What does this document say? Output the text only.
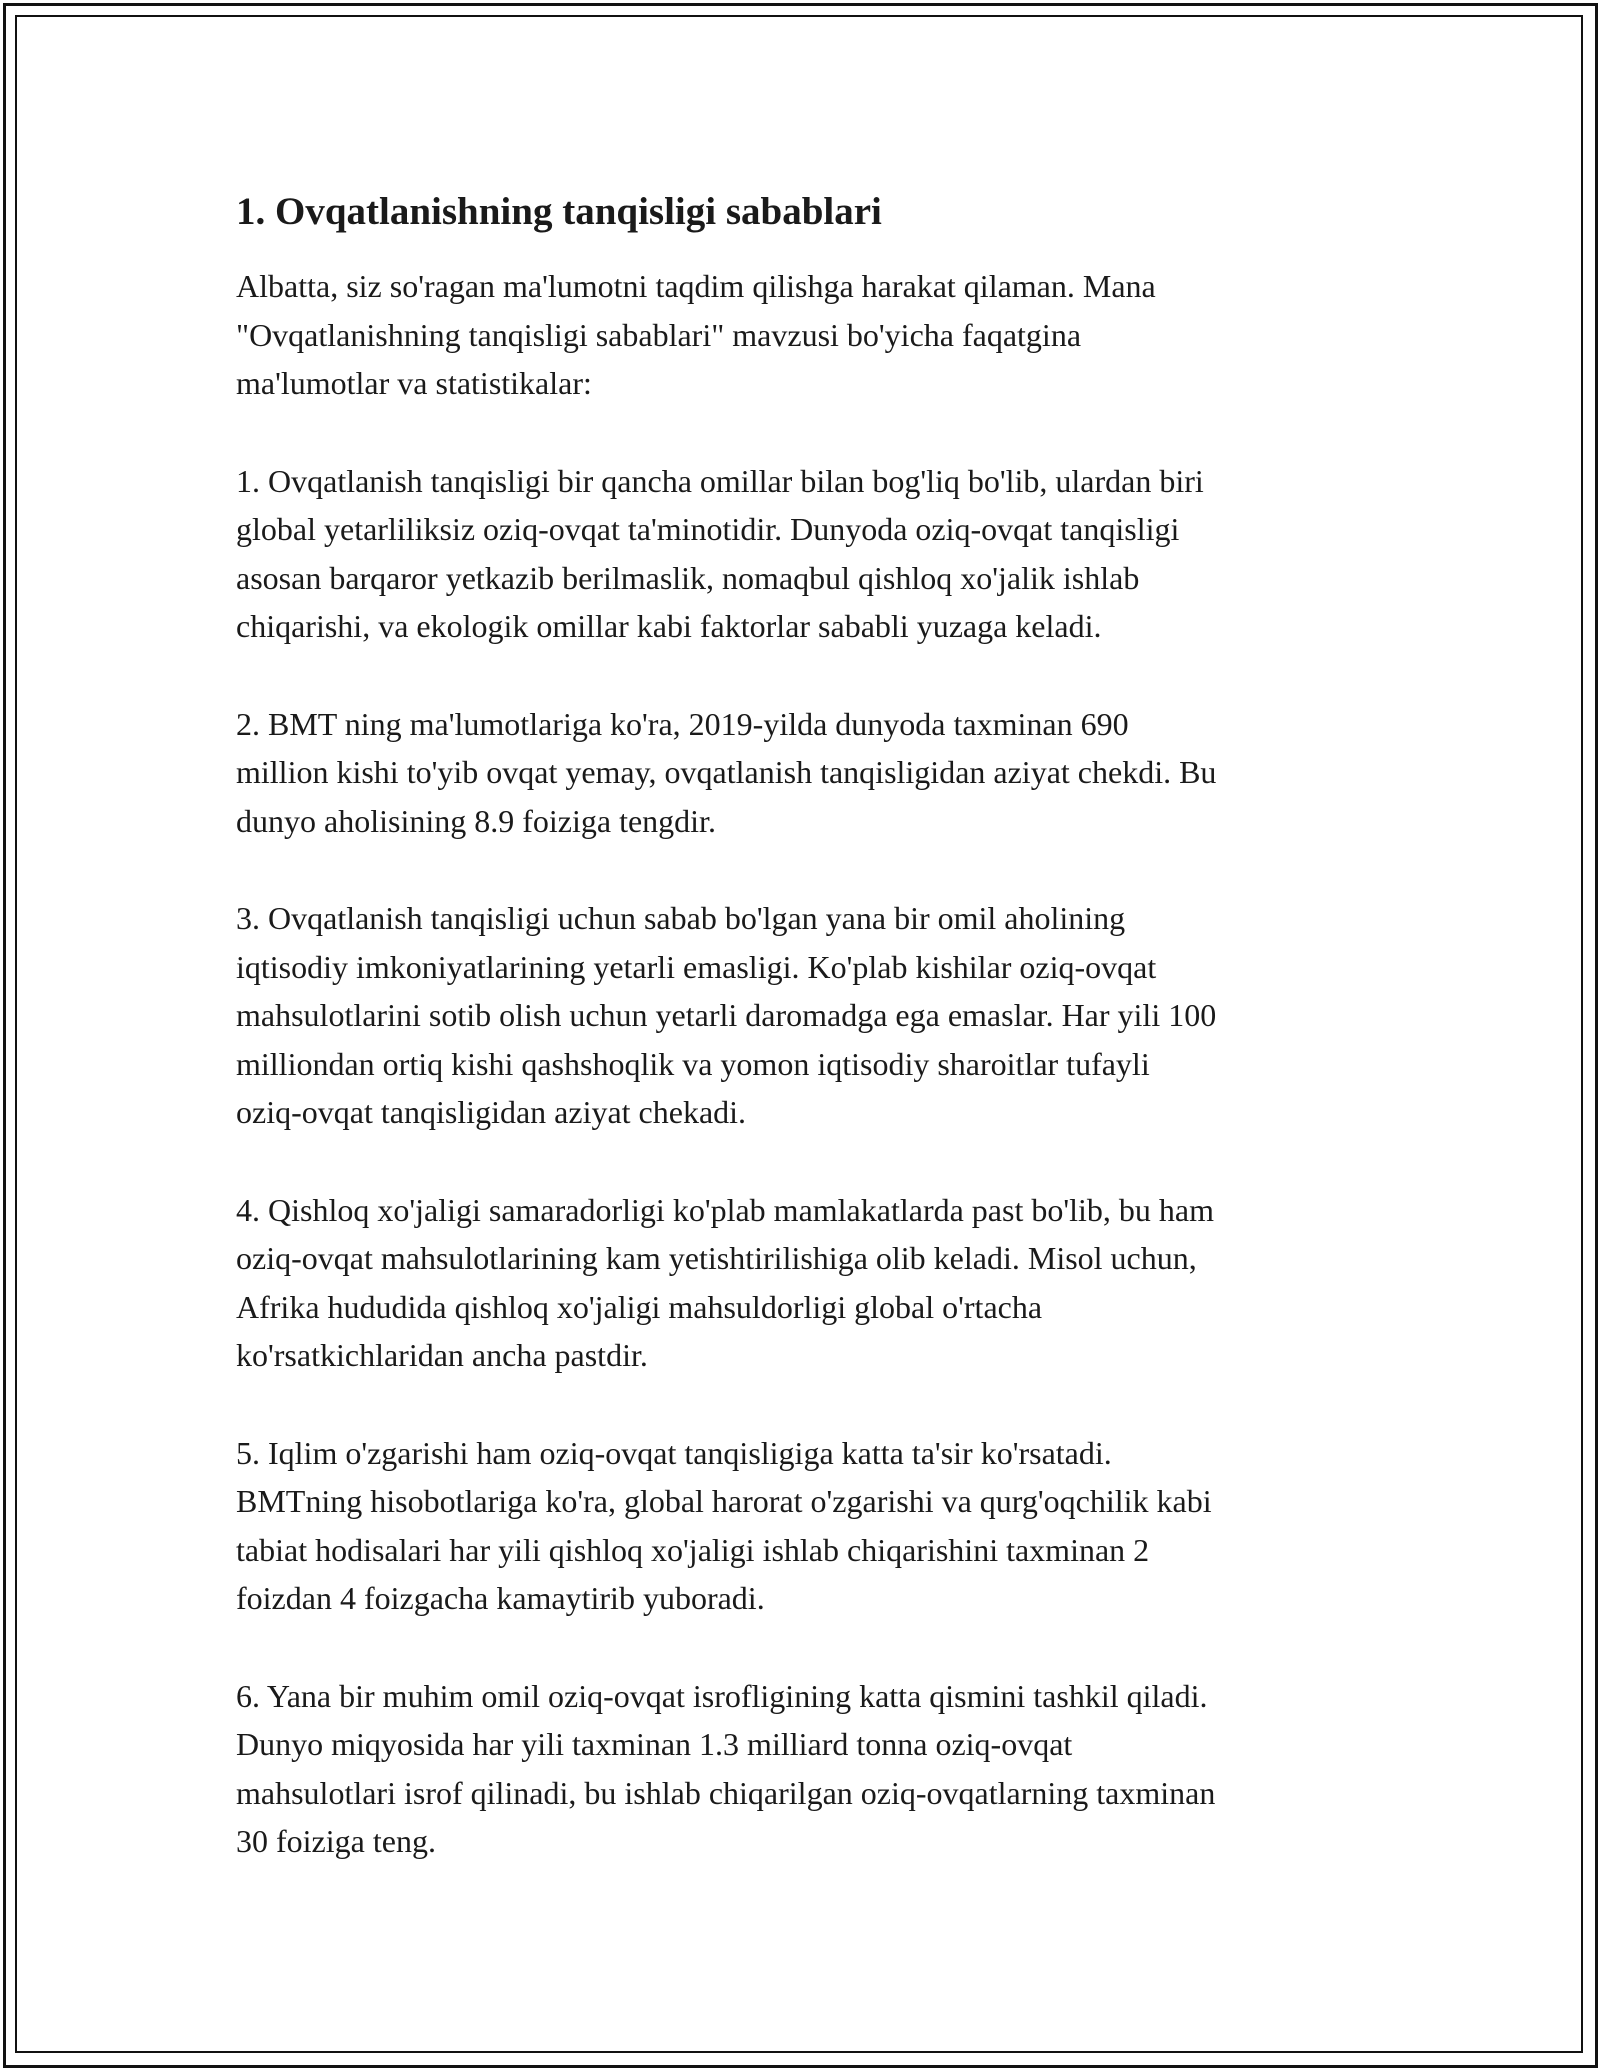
1. Ovqatlanishning tanqisligi sabablari

Albatta, siz so'ragan ma'lumotni taqdim qilishga harakat qilaman. Mana
"Ovqatlanishning tanqisligi sabablari" mavzusi bo'yicha faqatgina
ma'lumotlar va statistikalar:

1. Ovqatlanish tanqisligi bir qancha omillar bilan bog'liq bo'lib, ulardan biri
global yetarliliksiz oziq-ovqat ta'minotidir. Dunyoda oziq-ovqat tanqisligi
asosan barqaror yetkazib berilmaslik, nomaqbul qishloq xo'jalik ishlab
chiqarishi, va ekologik omillar kabi faktorlar sababli yuzaga keladi.

2. BMT ning ma'lumotlariga ko'ra, 2019-yilda dunyoda taxminan 690
million kishi to'yib ovqat yemay, ovqatlanish tanqisligidan aziyat chekdi. Bu
dunyo aholisining 8.9 foiziga tengdir.

3. Ovqatlanish tanqisligi uchun sabab bo'lgan yana bir omil aholining
iqtisodiy imkoniyatlarining yetarli emasligi. Ko'plab kishilar oziq-ovqat
mahsulotlarini sotib olish uchun yetarli daromadga ega emaslar. Har yili 100
milliondan ortiq kishi qashshoqlik va yomon iqtisodiy sharoitlar tufayli
oziq-ovqat tanqisligidan aziyat chekadi.

4. Qishloq xo'jaligi samaradorligi ko'plab mamlakatlarda past bo'lib, bu ham
oziq-ovqat mahsulotlarining kam yetishtirilishiga olib keladi. Misol uchun,
Afrika hududida qishloq xo'jaligi mahsuldorligi global o'rtacha
ko'rsatkichlaridan ancha pastdir.

5. Iqlim o'zgarishi ham oziq-ovqat tanqisligiga katta ta'sir ko'rsatadi.
BMTning hisobotlariga ko'ra, global harorat o'zgarishi va qurg'oqchilik kabi
tabiat hodisalari har yili qishloq xo'jaligi ishlab chiqarishini taxminan 2
foizdan 4 foizgacha kamaytirib yuboradi.

6. Yana bir muhim omil oziq-ovqat isrofligining katta qismini tashkil qiladi.
Dunyo miqyosida har yili taxminan 1.3 milliard tonna oziq-ovqat
mahsulotlari isrof qilinadi, bu ishlab chiqarilgan oziq-ovqatlarning taxminan
30 foiziga teng.
